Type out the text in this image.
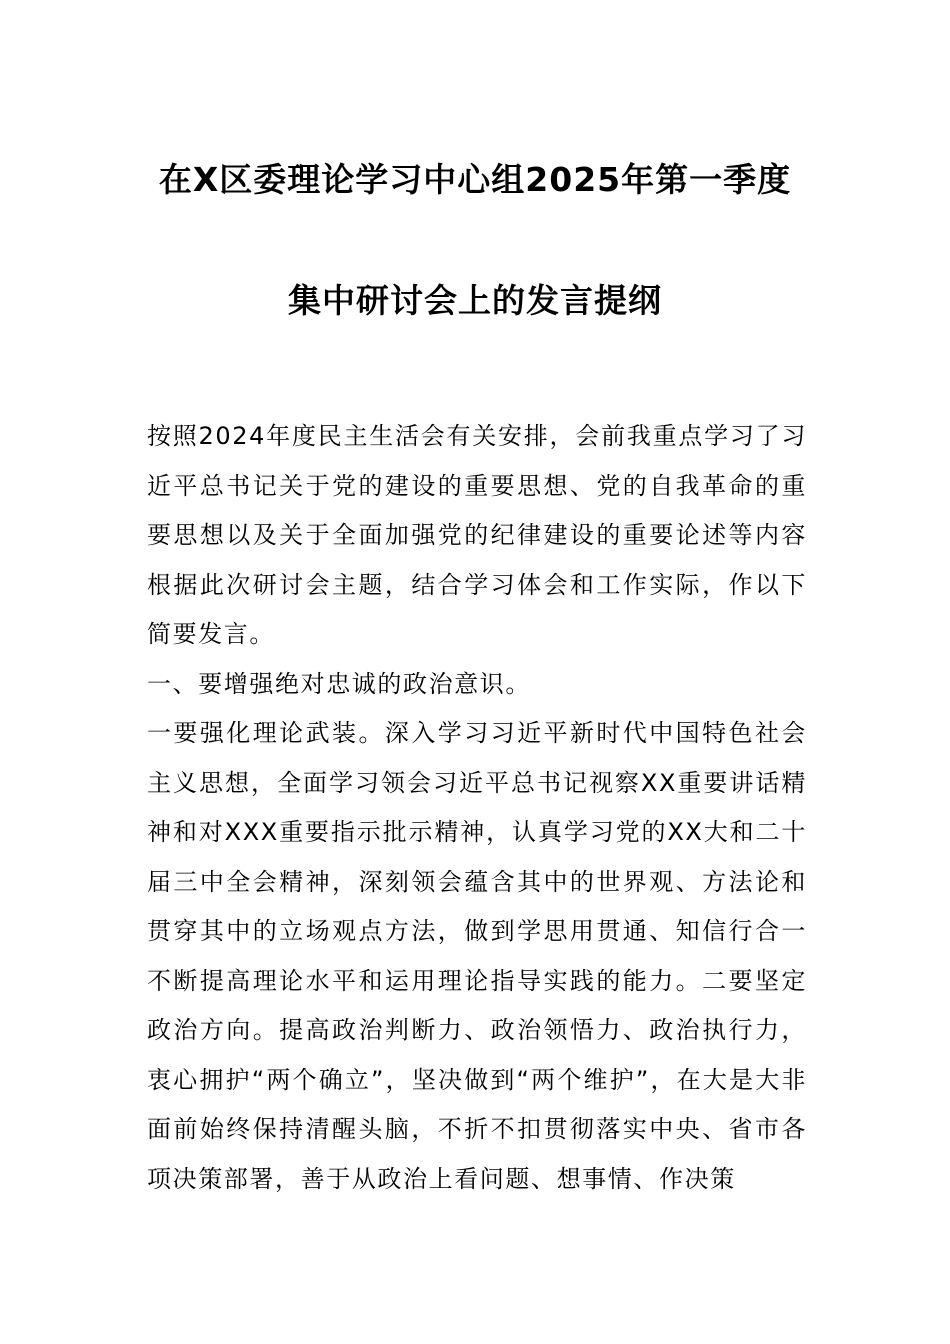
在X区委理论学习中心组2025年第一季度
集中研讨会上的发言提纲

按照2024年度民主生活会有关安排，会前我重点学习了习近平总书记关于党的建设的重要思想、党的自我革命的重要思想以及关于全面加强党的纪律建设的重要论述等内容根据此次研讨会主题，结合学习体会和工作实际，作以下简要发言。

一、要增强绝对忠诚的政治意识。

一要强化理论武装。深入学习习近平新时代中国特色社会主义思想，全面学习领会习近平总书记视察XX重要讲话精神和对XXX重要指示批示精神，认真学习党的XX大和二十届三中全会精神，深刻领会蕴含其中的世界观、方法论和贯穿其中的立场观点方法，做到学思用贯通、知信行合一不断提高理论水平和运用理论指导实践的能力。二要坚定政治方向。提高政治判断力、政治领悟力、政治执行力，衷心拥护“两个确立”，坚决做到“两个维护”，在大是大非面前始终保持清醒头脑，不折不扣贯彻落实中央、省市各项决策部署，善于从政治上看问题、想事情、作决策
